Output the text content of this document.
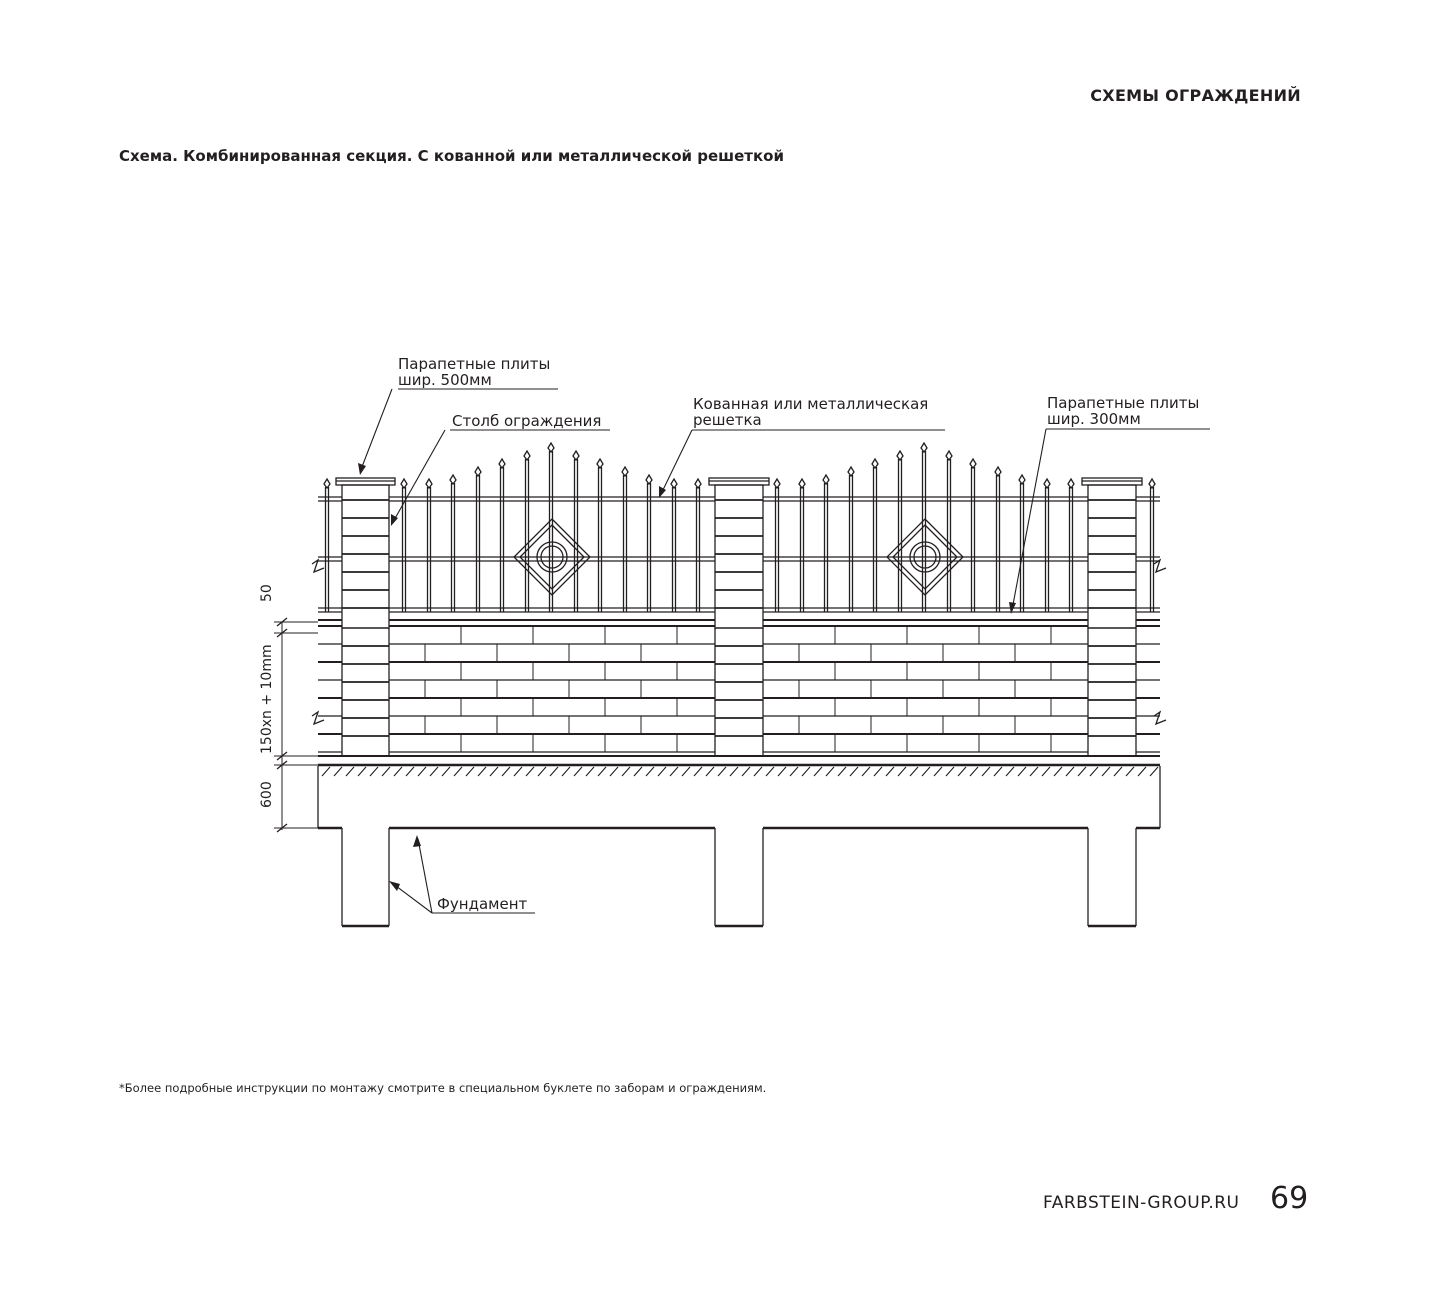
СХЕМЫ ОГРАЖДЕНИЙ
Схема. Комбинированная секция. С кованной или металлической решеткой
Парапетные плиты
шир. 500мм
Столб ограждения
Кованная или металлическая
решетка
Парапетные плиты
шир. 300мм
Фундамент
50
150xn + 10mm
600
*Более подробные инструкции по монтажу смотрите в специальном буклете по заборам и ограждениям.
FARBSTEIN-GROUP.RU 69
